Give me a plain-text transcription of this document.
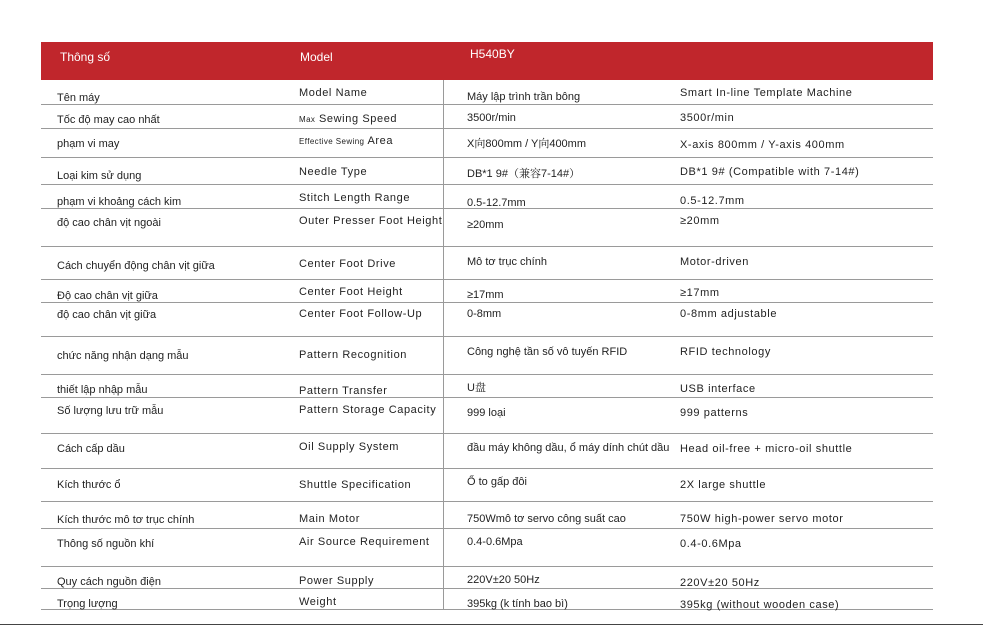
Thông số	Model	H540BY
Tên máy	Model Name	Máy lập trình trần bông	Smart In-line Template Machine
Tốc độ may cao nhất	Max Sewing Speed	3500r/min	3500r/min
phạm vi may	Effective Sewing Area	X向800mm / Y向400mm	X-axis 800mm / Y-axis 400mm
Loại kim sử dụng	Needle Type	DB*1 9#（兼容7-14#）	DB*1 9# (Compatible with 7-14#)
phạm vi khoảng cách kim	Stitch Length Range	0.5-12.7mm	0.5-12.7mm
độ cao chân vịt ngoài	Outer Presser Foot Height	≥20mm	≥20mm
Cách chuyển động chân vịt giữa	Center Foot Drive	Mô tơ trục chính	Motor-driven
Độ cao chân vịt giữa	Center Foot Height	≥17mm	≥17mm
độ cao chân vịt giữa	Center Foot Follow-Up	0-8mm	0-8mm adjustable
chức năng nhận dạng mẫu	Pattern Recognition	Công nghệ tần số vô tuyến RFID	RFID technology
thiết lập nhập mẫu	Pattern Transfer	U盘	USB interface
Số lượng lưu trữ mẫu	Pattern Storage Capacity	999 loại	999 patterns
Cách cấp dầu	Oil Supply System	đầu máy không dầu, ổ máy dính chút dầu Head oil-free + micro-oil shuttle
Kích thước ổ	Shuttle Specification	Ổ to gấp đôi	2X large shuttle
Kích thước mô tơ trục chính	Main Motor	750Wmô tơ servo công suất cao	750W high-power servo motor
Thông số nguồn khí	Air Source Requirement	0.4-0.6Mpa	0.4-0.6Mpa
Quy cách nguồn điện	Power Supply	220V±20 50Hz	220V±20 50Hz
Trọng lượng	Weight	395kg (k tính bao bì)	395kg (without wooden case)
